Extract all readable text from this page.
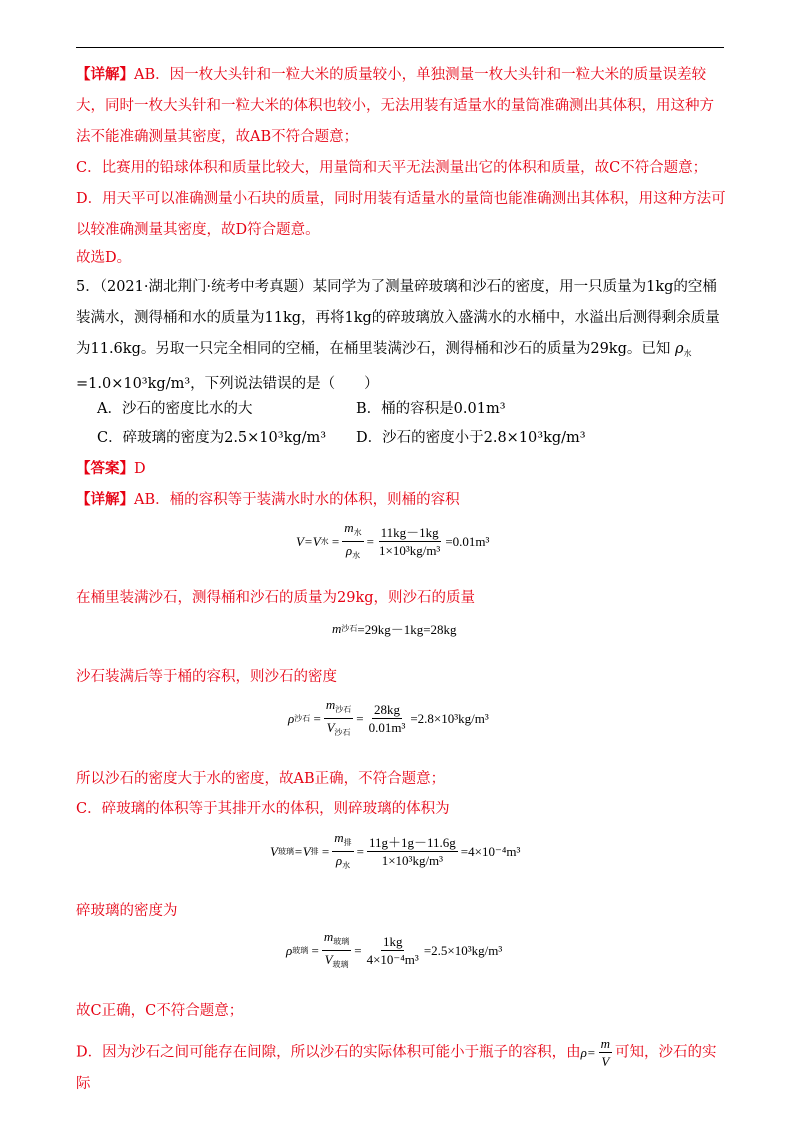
【详解】AB．因一枚大头针和一粒大米的质量较小，单独测量一枚大头针和一粒大米的质量误差较大，同时一枚大头针和一粒大米的体积也较小，无法用装有适量水的量筒准确测出其体积，用这种方法不能准确测量其密度，故AB不符合题意；
C．比赛用的铅球体积和质量比较大，用量筒和天平无法测量出它的体积和质量，故C不符合题意；
D．用天平可以准确测量小石块的质量，同时用装有适量水的量筒也能准确测出其体积，用这种方法可以较准确测量其密度，故D符合题意。
故选D。
5．（2021·湖北荆门·统考中考真题）某同学为了测量碎玻璃和沙石的密度，用一只质量为1kg的空桶装满水，测得桶和水的质量为11kg，再将1kg的碎玻璃放入盛满水的水桶中，水溢出后测得剩余质量为11.6kg。另取一只完全相同的空桶，在桶里装满沙石，测得桶和沙石的质量为29kg。已知 $\rho_水$
=1.0×10³kg/m³，下列说法错误的是（　　）
A．沙石的密度比水的大	B．桶的容积是0.01m³
C．碎玻璃的密度为2.5×10³kg/m³ D．沙石的密度小于2.8×10³kg/m³
【答案】D
【详解】AB．桶的容积等于装满水时水的体积，则桶的容积
V=V 水 = $\frac{m_水}{\rho_水} = \frac{11kg-1kg}{\text{1×10³kg/m³}} =0.01m^3$
在桶里装满沙石，测得桶和沙石的质量为29kg，则沙石的质量
m 沙石 =29kg－1kg=28kg
沙石装满后等于桶的容积，则沙石的密度
ρ 沙石 = $\frac{m_{沙石}}{V_{沙石}} = \frac{28kg}{\text{0.01m³}} =2.8\times 10^3kg/m^3$
所以沙石的密度大于水的密度，故AB正确，不符合题意；
C．碎玻璃的体积等于其排开水的体积，则碎玻璃的体积为
V 玻璃 =V 排 = $\frac{m_排}{\rho_水} = \frac{11g+1g-11.6g}{\text{1×10³kg/m³}} =4\times 10^{-4}m^3$
碎玻璃的密度为
ρ 玻璃 = $\frac{m_{玻璃}}{V_{玻璃}} = \frac{1kg}{\text{4×10⁻⁴m³}} =2.5\times 10^3kg/m^3$
故C正确，C不符合题意；
D．因为沙石之间可能存在间隙，所以沙石的实际体积可能小于瓶子的容积，由 $\rho= \frac{m}{V}$ 可知，沙石的实际
